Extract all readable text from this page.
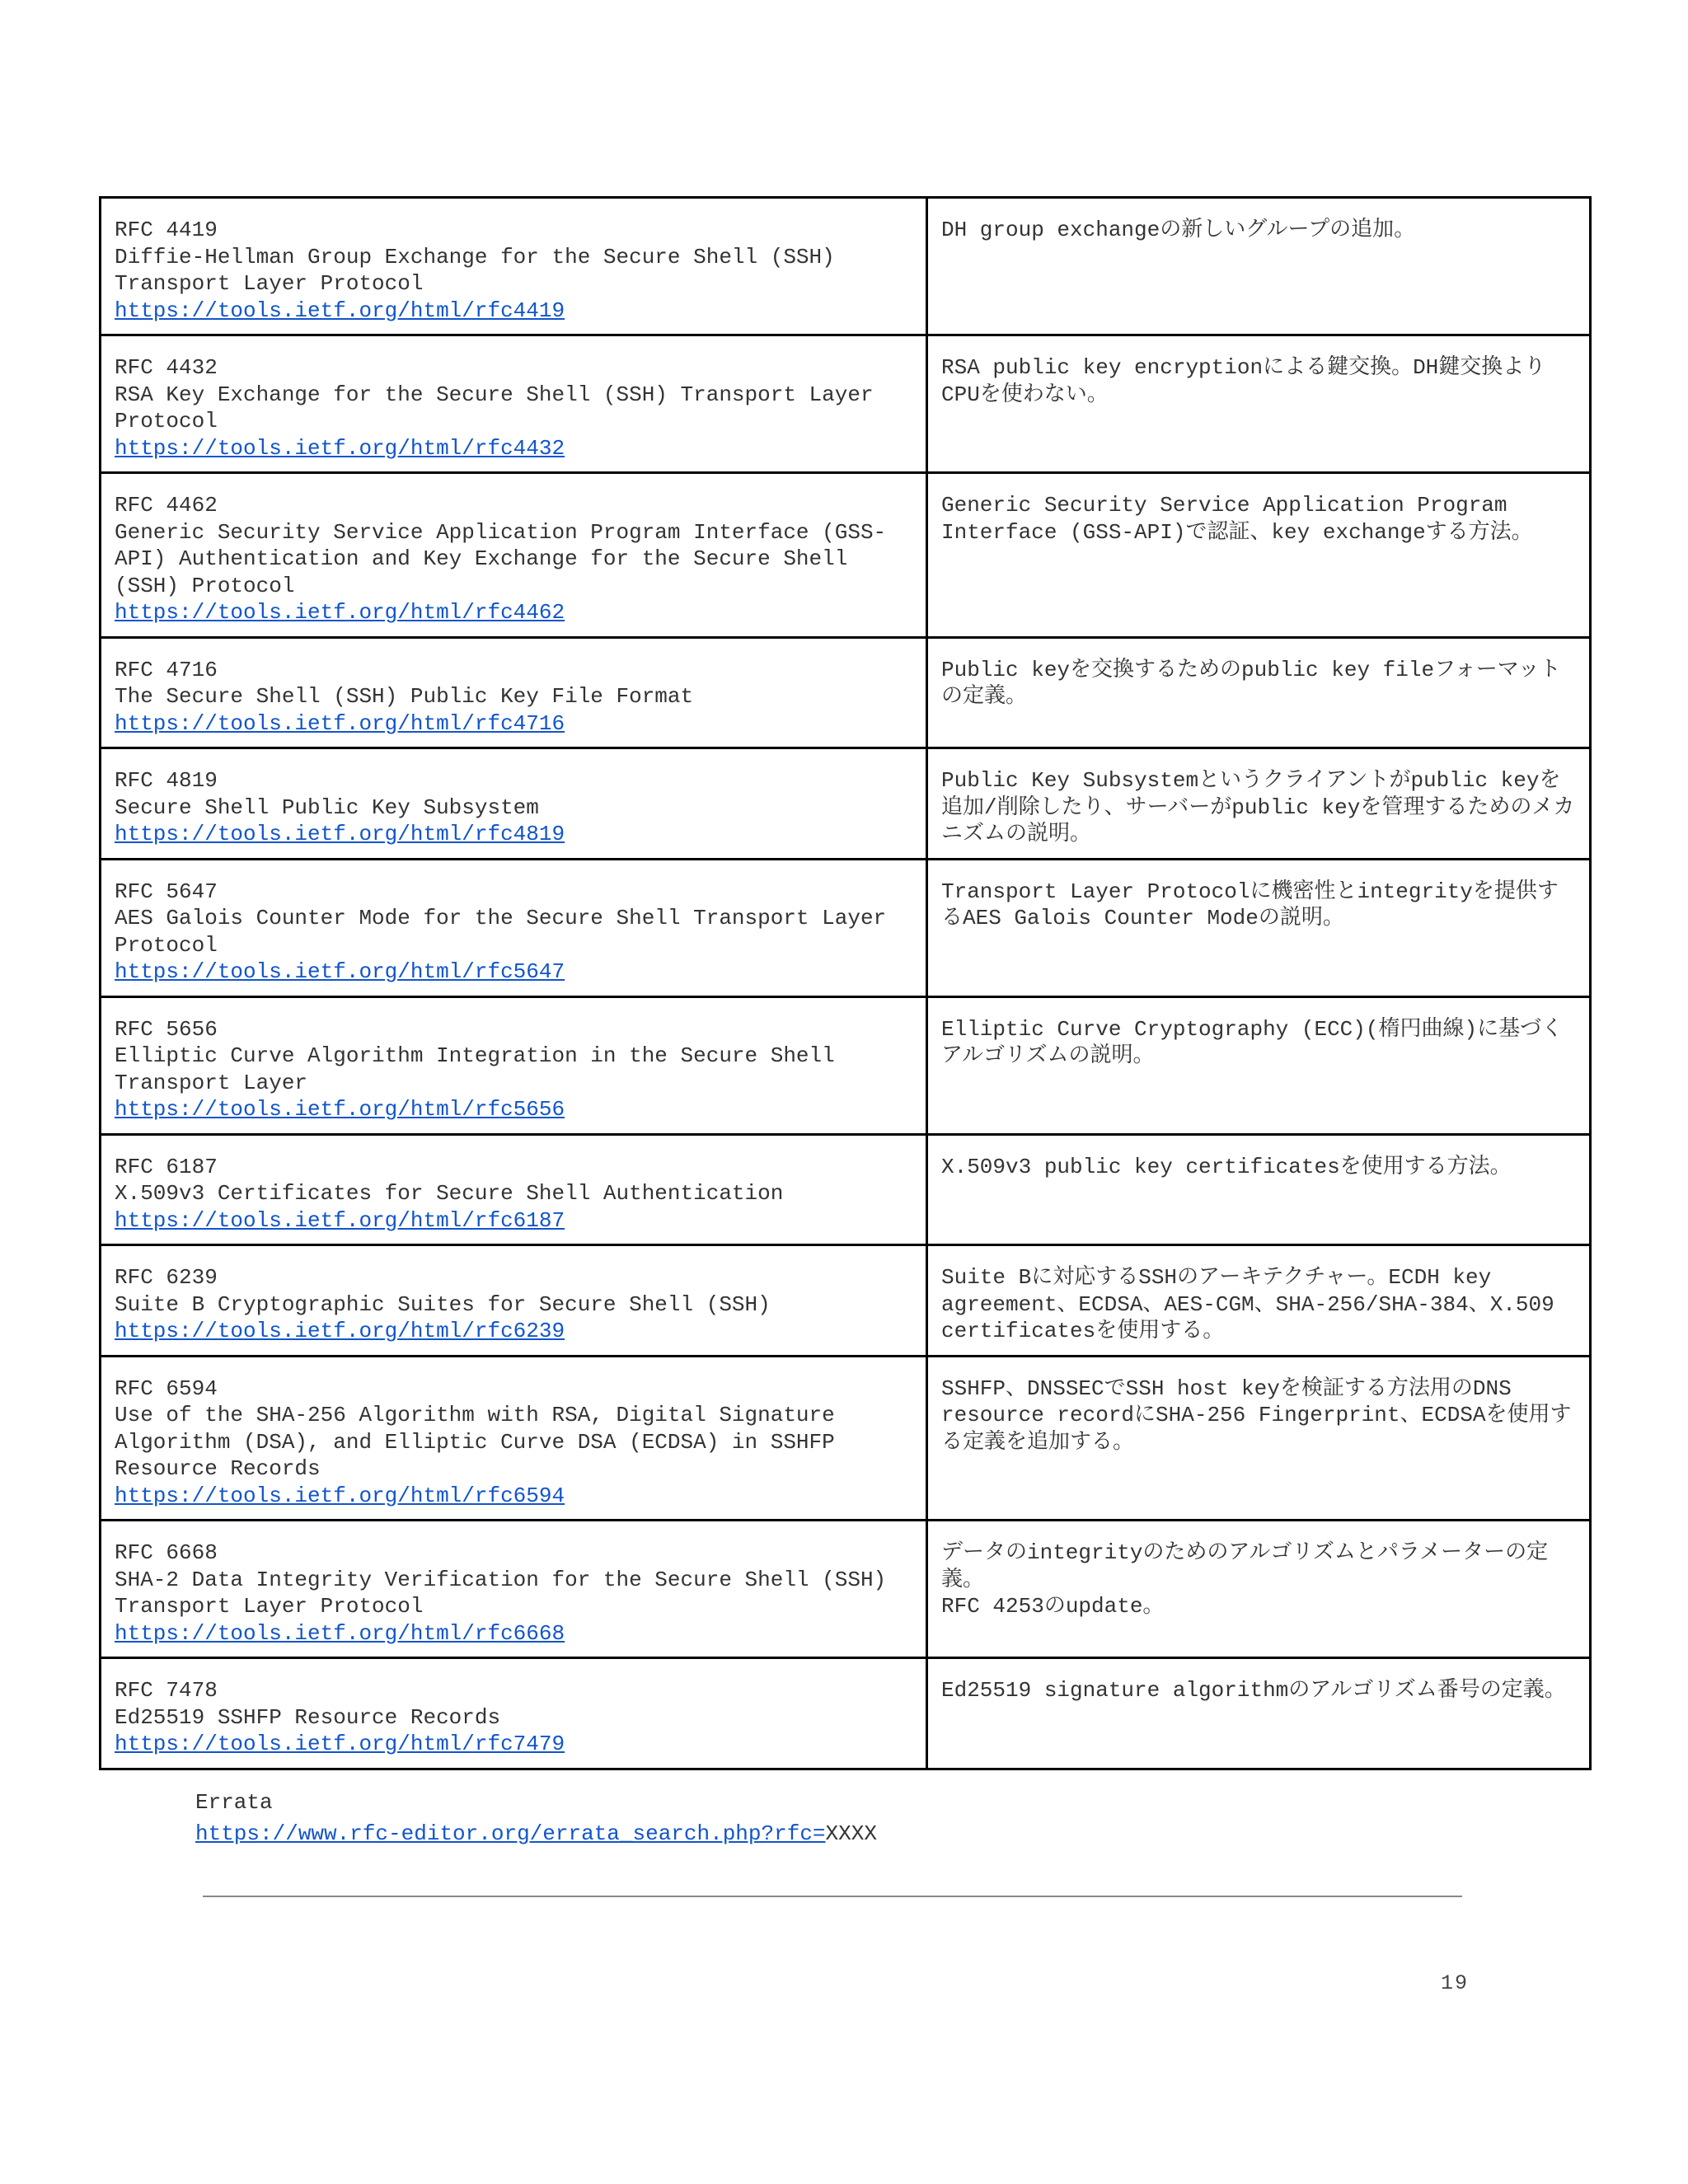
RFC 4419
Diffie-Hellman Group Exchange for the Secure Shell (SSH) Transport Layer Protocol
https://tools.ietf.org/html/rfc4419	DH group exchangeの新しいグループの追加。

RFC 4432
RSA Key Exchange for the Secure Shell (SSH) Transport Layer Protocol
https://tools.ietf.org/html/rfc4432	RSA public key encryptionによる鍵交換。DH鍵交換よりCPUを使わない。

RFC 4462
Generic Security Service Application Program Interface (GSS-API) Authentication and Key Exchange for the Secure Shell (SSH) Protocol
https://tools.ietf.org/html/rfc4462	Generic Security Service Application Program Interface (GSS-API)で認証、key exchangeする方法。

RFC 4716
The Secure Shell (SSH) Public Key File Format
https://tools.ietf.org/html/rfc4716	Public keyを交換するためのpublic key fileフォーマットの定義。

RFC 4819
Secure Shell Public Key Subsystem
https://tools.ietf.org/html/rfc4819	Public Key Subsystemというクライアントがpublic keyを追加/削除したり、サーバーがpublic keyを管理するためのメカニズムの説明。

RFC 5647
AES Galois Counter Mode for the Secure Shell Transport Layer Protocol
https://tools.ietf.org/html/rfc5647	Transport Layer Protocolに機密性とintegrityを提供するAES Galois Counter Modeの説明。

RFC 5656
Elliptic Curve Algorithm Integration in the Secure Shell Transport Layer
https://tools.ietf.org/html/rfc5656	Elliptic Curve Cryptography (ECC)(楕円曲線)に基づくアルゴリズムの説明。

RFC 6187
X.509v3 Certificates for Secure Shell Authentication
https://tools.ietf.org/html/rfc6187	X.509v3 public key certificatesを使用する方法。

RFC 6239
Suite B Cryptographic Suites for Secure Shell (SSH)
https://tools.ietf.org/html/rfc6239	Suite Bに対応するSSHのアーキテクチャー。ECDH key agreement、ECDSA、AES-CGM、SHA-256/SHA-384、X.509 certificatesを使用する。

RFC 6594
Use of the SHA-256 Algorithm with RSA, Digital Signature Algorithm (DSA), and Elliptic Curve DSA (ECDSA) in SSHFP Resource Records
https://tools.ietf.org/html/rfc6594	SSHFP、DNSSECでSSH host keyを検証する方法用のDNS resource recordにSHA-256 Fingerprint、ECDSAを使用する定義を追加する。

RFC 6668
SHA-2 Data Integrity Verification for the Secure Shell (SSH) Transport Layer Protocol
https://tools.ietf.org/html/rfc6668	データのintegrityのためのアルゴリズムとパラメーターの定義。
RFC 4253のupdate。

RFC 7478
Ed25519 SSHFP Resource Records
https://tools.ietf.org/html/rfc7479	Ed25519 signature algorithmのアルゴリズム番号の定義。
Errata
https://www.rfc-editor.org/errata_search.php?rfc=XXXX
19
